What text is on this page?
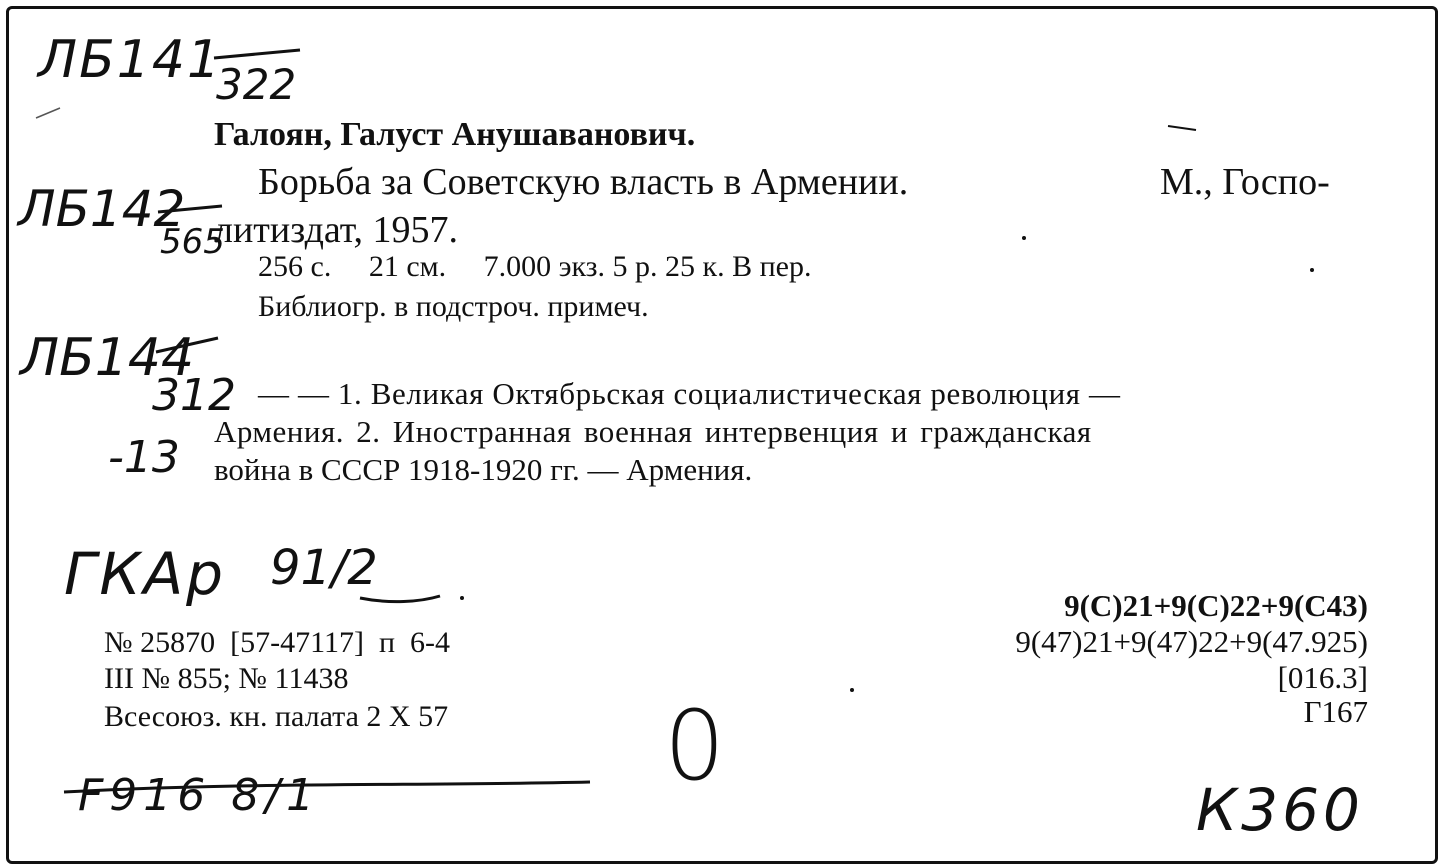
ЛБ141
322
ЛБ142
565
ЛБ144
312
-13
Галоян, Галуст Анушаванович.
Борьба за Советскую власть в Армении.	М., Госпо-
литиздат, 1957.
256 с.     21 см.     7.000 экз. 5 р. 25 к. В пер.
Библиогр. в подстроч. примеч.
— — 1. Великая Октябрьская социалистическая революция —
Армения. 2. Иностранная военная интервенция и гражданская
война в СССР 1918-1920 гг. — Армения.
ГКАр 91/2
№ 25870  [57-47117]  п  6-4
III № 855; № 11438
Всесоюз. кн. палата 2 X 57
9(С)21+9(С)22+9(С43)
9(47)21+9(47)22+9(47.925)
[016.3]
Г167
0
К360
F916 8/1
